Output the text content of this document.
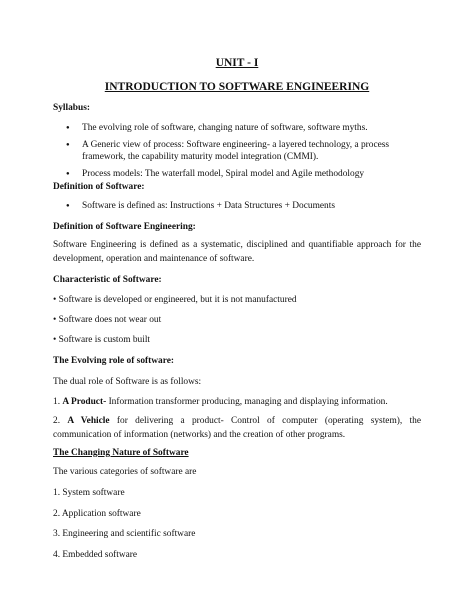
UNIT - I
INTRODUCTION TO SOFTWARE ENGINEERING
Syllabus:
● The evolving role of software, changing nature of software, software myths.
● A Generic view of process: Software engineering- a layered technology, a process framework, the capability maturity model integration (CMMI).
● Process models: The waterfall model, Spiral model and Agile methodology
Definition of Software:
● Software is defined as: Instructions + Data Structures + Documents
Definition of Software Engineering:
Software Engineering is defined as a systematic, disciplined and quantifiable approach for the development, operation and maintenance of software.
Characteristic of Software:
• Software is developed or engineered, but it is not manufactured
• Software does not wear out
• Software is custom built
The Evolving role of software:
The dual role of Software is as follows:
1. A Product- Information transformer producing, managing and displaying information.
2. A Vehicle for delivering a product- Control of computer (operating system), the communication of information (networks) and the creation of other programs.
The Changing Nature of Software
The various categories of software are
1. System software
2. Application software
3. Engineering and scientific software
4. Embedded software
